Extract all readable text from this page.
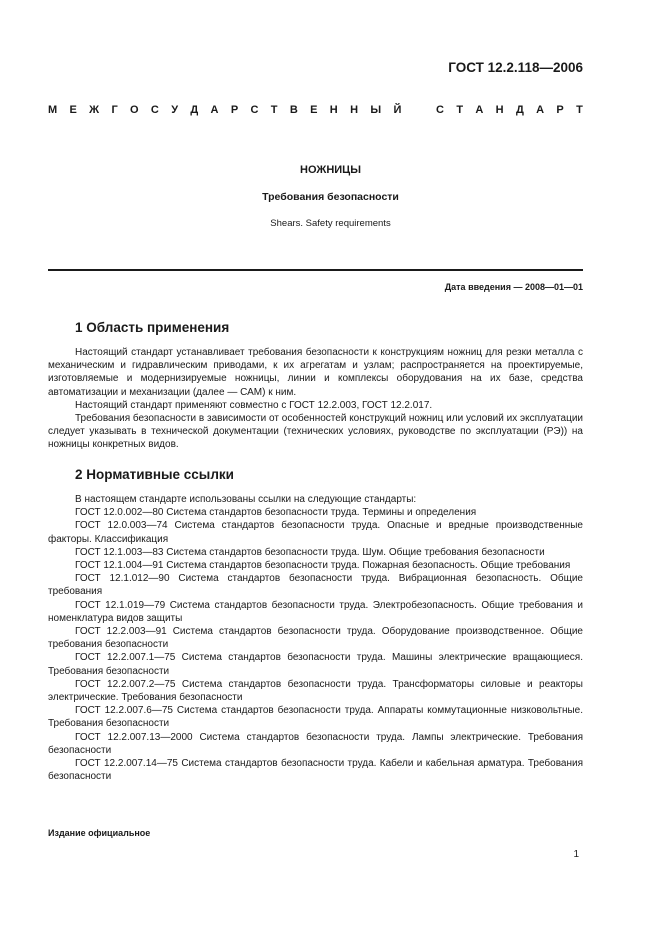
ГОСТ 12.2.118—2006
М Е Ж Г О С У Д А Р С Т В Е Н Н Ы Й	С Т А Н Д А Р Т
НОЖНИЦЫ
Требования безопасности
Shears. Safety requirements
Дата введения — 2008—01—01
1 Область применения

Настоящий стандарт устанавливает требования безопасности к конструкциям ножниц для резки металла с механическим и гидравлическим приводами, к их агрегатам и узлам; распространяется на проектируемые, изготовляемые и модернизируемые ножницы, линии и комплексы оборудования на их базе, средства автоматизации и механизации (далее — САМ) к ним.

Настоящий стандарт применяют совместно с ГОСТ 12.2.003, ГОСТ 12.2.017.

Требования безопасности в зависимости от особенностей конструкций ножниц или условий их эксплуатации следует указывать в технической документации (технических условиях, руководстве по эксплуатации (РЭ)) на ножницы конкретных видов.

2 Нормативные ссылки

В настоящем стандарте использованы ссылки на следующие стандарты:

ГОСТ 12.0.002—80 Система стандартов безопасности труда. Термины и определения

ГОСТ 12.0.003—74 Система стандартов безопасности труда. Опасные и вредные производственные факторы. Классификация

ГОСТ 12.1.003—83 Система стандартов безопасности труда. Шум. Общие требования безопасности

ГОСТ 12.1.004—91 Система стандартов безопасности труда. Пожарная безопасность. Общие требования

ГОСТ 12.1.012—90 Система стандартов безопасности труда. Вибрационная безопасность. Общие требования

ГОСТ 12.1.019—79 Система стандартов безопасности труда. Электробезопасность. Общие требования и номенклатура видов защиты

ГОСТ 12.2.003—91 Система стандартов безопасности труда. Оборудование производственное. Общие требования безопасности

ГОСТ 12.2.007.1—75 Система стандартов безопасности труда. Машины электрические вращающиеся. Требования безопасности

ГОСТ 12.2.007.2—75 Система стандартов безопасности труда. Трансформаторы силовые и реакторы электрические. Требования безопасности

ГОСТ 12.2.007.6—75 Система стандартов безопасности труда. Аппараты коммутационные низковольтные. Требования безопасности

ГОСТ 12.2.007.13—2000 Система стандартов безопасности труда. Лампы электрические. Требования безопасности

ГОСТ 12.2.007.14—75 Система стандартов безопасности труда. Кабели и кабельная арматура. Требования безопасности

Издание официальное
1
